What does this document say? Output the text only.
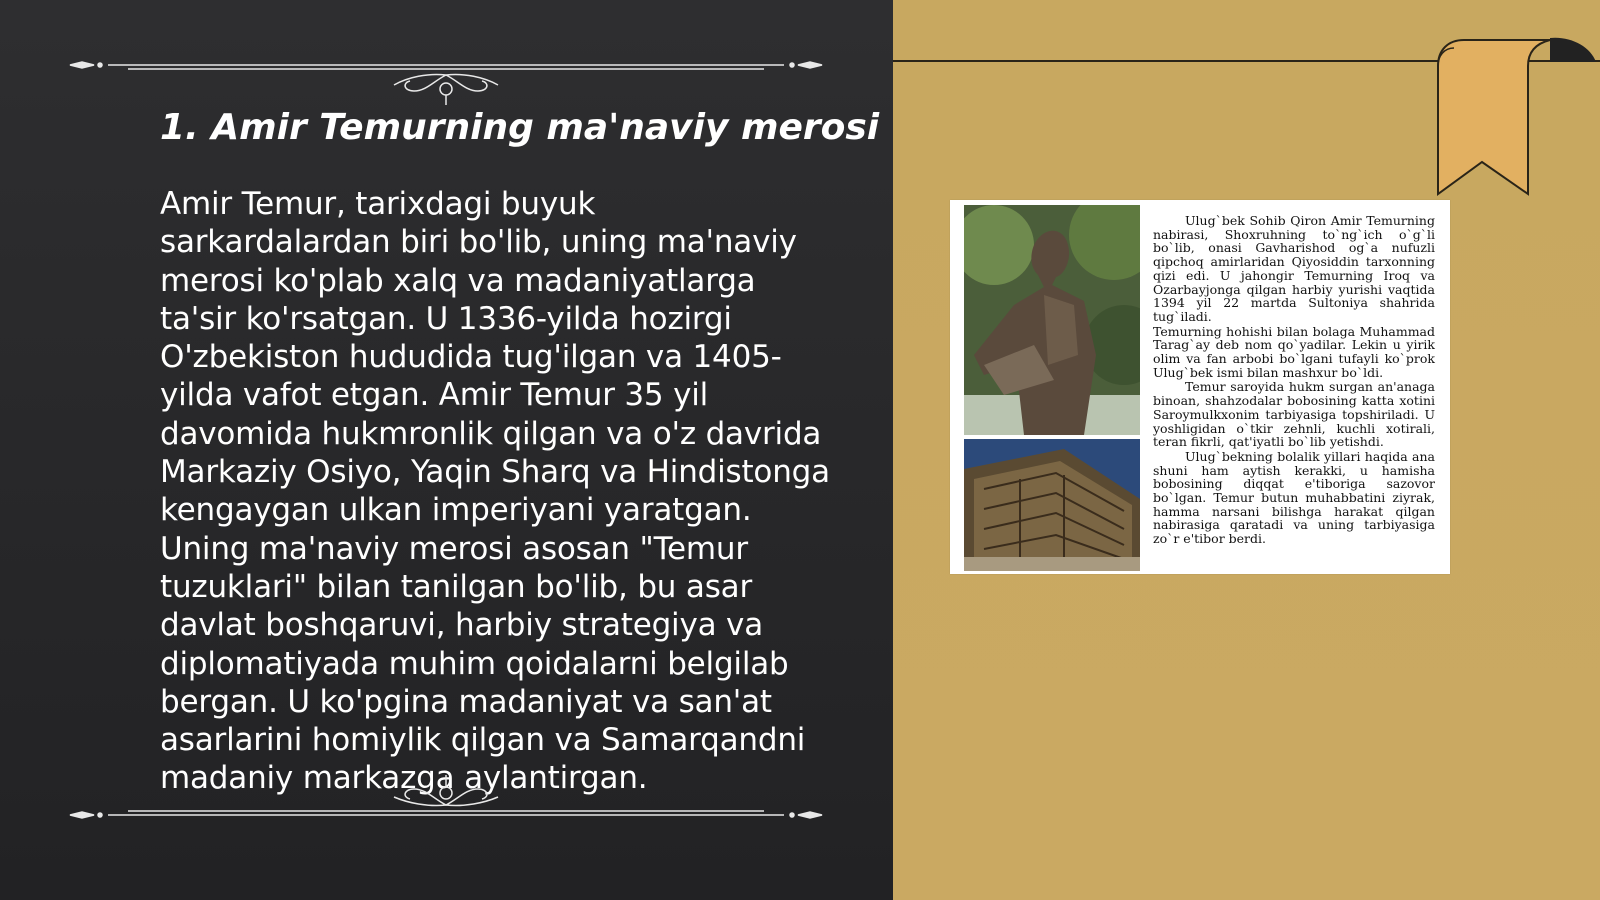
1. Amir Temurning ma'naviy merosi

Amir Temur, tarixdagi buyuk sarkardalardan biri bo'lib, uning ma'naviy merosi ko'plab xalq va madaniyatlarga ta'sir ko'rsatgan. U 1336-yilda hozirgi O'zbekiston hududida tug'ilgan va 1405-yilda vafot etgan. Amir Temur 35 yil davomida hukmronlik qilgan va o'z davrida Markaziy Osiyo, Yaqin Sharq va Hindistonga kengaygan ulkan imperiyani yaratgan. Uning ma'naviy merosi asosan "Temur tuzuklari" bilan tanilgan bo'lib, bu asar davlat boshqaruvi, harbiy strategiya va diplomatiyada muhim qoidalarni belgilab bergan. U ko'pgina madaniyat va san'at asarlarini homiylik qilgan va Samarqandni madaniy markazga aylantirgan.

Ulug`bek Sohib Qiron Amir Temurning nabirasi, Shoxruhning to`ng`ich o`g`li bo`lib, onasi Gavharishod og`a nufuzli qipchoq amirlaridan Qiyosiddin tarxonning qizi edi. U jahongir Temurning Iroq va Ozarbayjonga qilgan harbiy yurishi vaqtida 1394 yil 22 martda Sultoniya shahrida tug`iladi.

Temurning hohishi bilan bolaga Muhammad Tarag`ay deb nom qo`yadilar. Lekin u yirik olim va fan arbobi bo`lgani tufayli ko`prok Ulug`bek ismi bilan mashxur bo`ldi.

Temur saroyida hukm surgan an'anaga binoan, shahzodalar bobosining katta xotini Saroymulkxonim tarbiyasiga topshiriladi. U yoshligidan o`tkir zehnli, kuchli xotirali, teran fikrli, qat'iyatli bo`lib yetishdi.

Ulug`bekning bolalik yillari haqida ana shuni ham aytish kerakki, u hamisha bobosining diqqat e'tiboriga sazovor bo`lgan. Temur butun muhabbatini ziyrak, hamma narsani bilishga harakat qilgan nabirasiga qaratadi va uning tarbiyasiga zo`r e'tibor berdi.
